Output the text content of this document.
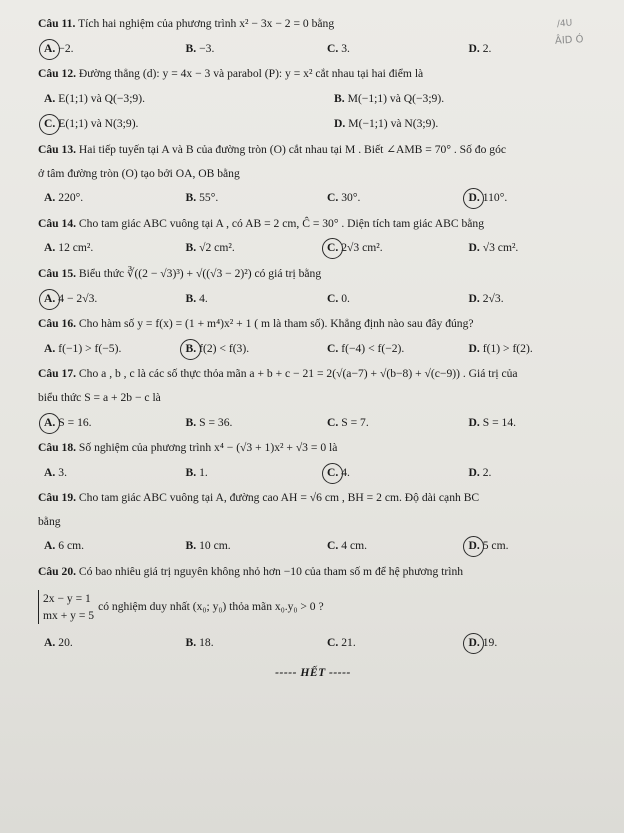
/4U
ÂID Ó
Câu 11. Tích hai nghiệm của phương trình x² − 3x − 2 = 0 bằng
A. −2.	B. −3.	C. 3.	D. 2.
Câu 12. Đường thẳng (d): y = 4x − 3 và parabol (P): y = x² cắt nhau tại hai điểm là
A. E(1;1) và Q(−3;9).	B. M(−1;1) và Q(−3;9).
C. E(1;1) và N(3;9).	D. M(−1;1) và N(3;9).
Câu 13. Hai tiếp tuyến tại A và B của đường tròn (O) cắt nhau tại M . Biết ∠AMB = 70° . Số đo góc
ở tâm đường tròn (O) tạo bởi OA, OB bằng
A. 220°.	B. 55°.	C. 30°.	D. 110°.
Câu 14. Cho tam giác ABC vuông tại A , có AB = 2 cm, Ĉ = 30° . Diện tích tam giác ABC bằng
A. 12 cm².	B. √2 cm².	C. 2√3 cm².	D. √3 cm².
Câu 15. Biểu thức ∛((2 − √3)³) + √((√3 − 2)²) có giá trị bằng
A. 4 − 2√3.	B. 4.	C. 0.	D. 2√3.
Câu 16. Cho hàm số y = f(x) = (1 + m⁴)x² + 1 ( m là tham số). Khẳng định nào sau đây đúng?
A. f(−1) > f(−5).	B. f(2) < f(3).	C. f(−4) < f(−2).	D. f(1) > f(2).
Câu 17. Cho a , b , c là các số thực thỏa mãn a + b + c − 21 = 2(√(a−7) + √(b−8) + √(c−9)) . Giá trị của
biểu thức S = a + 2b − c là
A. S = 16.	B. S = 36.	C. S = 7.	D. S = 14.
Câu 18. Số nghiệm của phương trình x⁴ − (√3 + 1)x² + √3 = 0 là
A. 3.	B. 1.	C. 4.	D. 2.
Câu 19. Cho tam giác ABC vuông tại A, đường cao AH = √6 cm , BH = 2 cm. Độ dài cạnh BC
bằng
A. 6 cm.	B. 10 cm.	C. 4 cm.	D. 5 cm.
Câu 20. Có bao nhiêu giá trị nguyên không nhỏ hơn −10 của tham số m để hệ phương trình
2x − y = 1
mx + y = 5
có nghiệm duy nhất (x₀; y₀) thỏa mãn x₀.y₀ > 0 ?
A. 20.	B. 18.	C. 21.	D. 19.
----- HẾT -----
